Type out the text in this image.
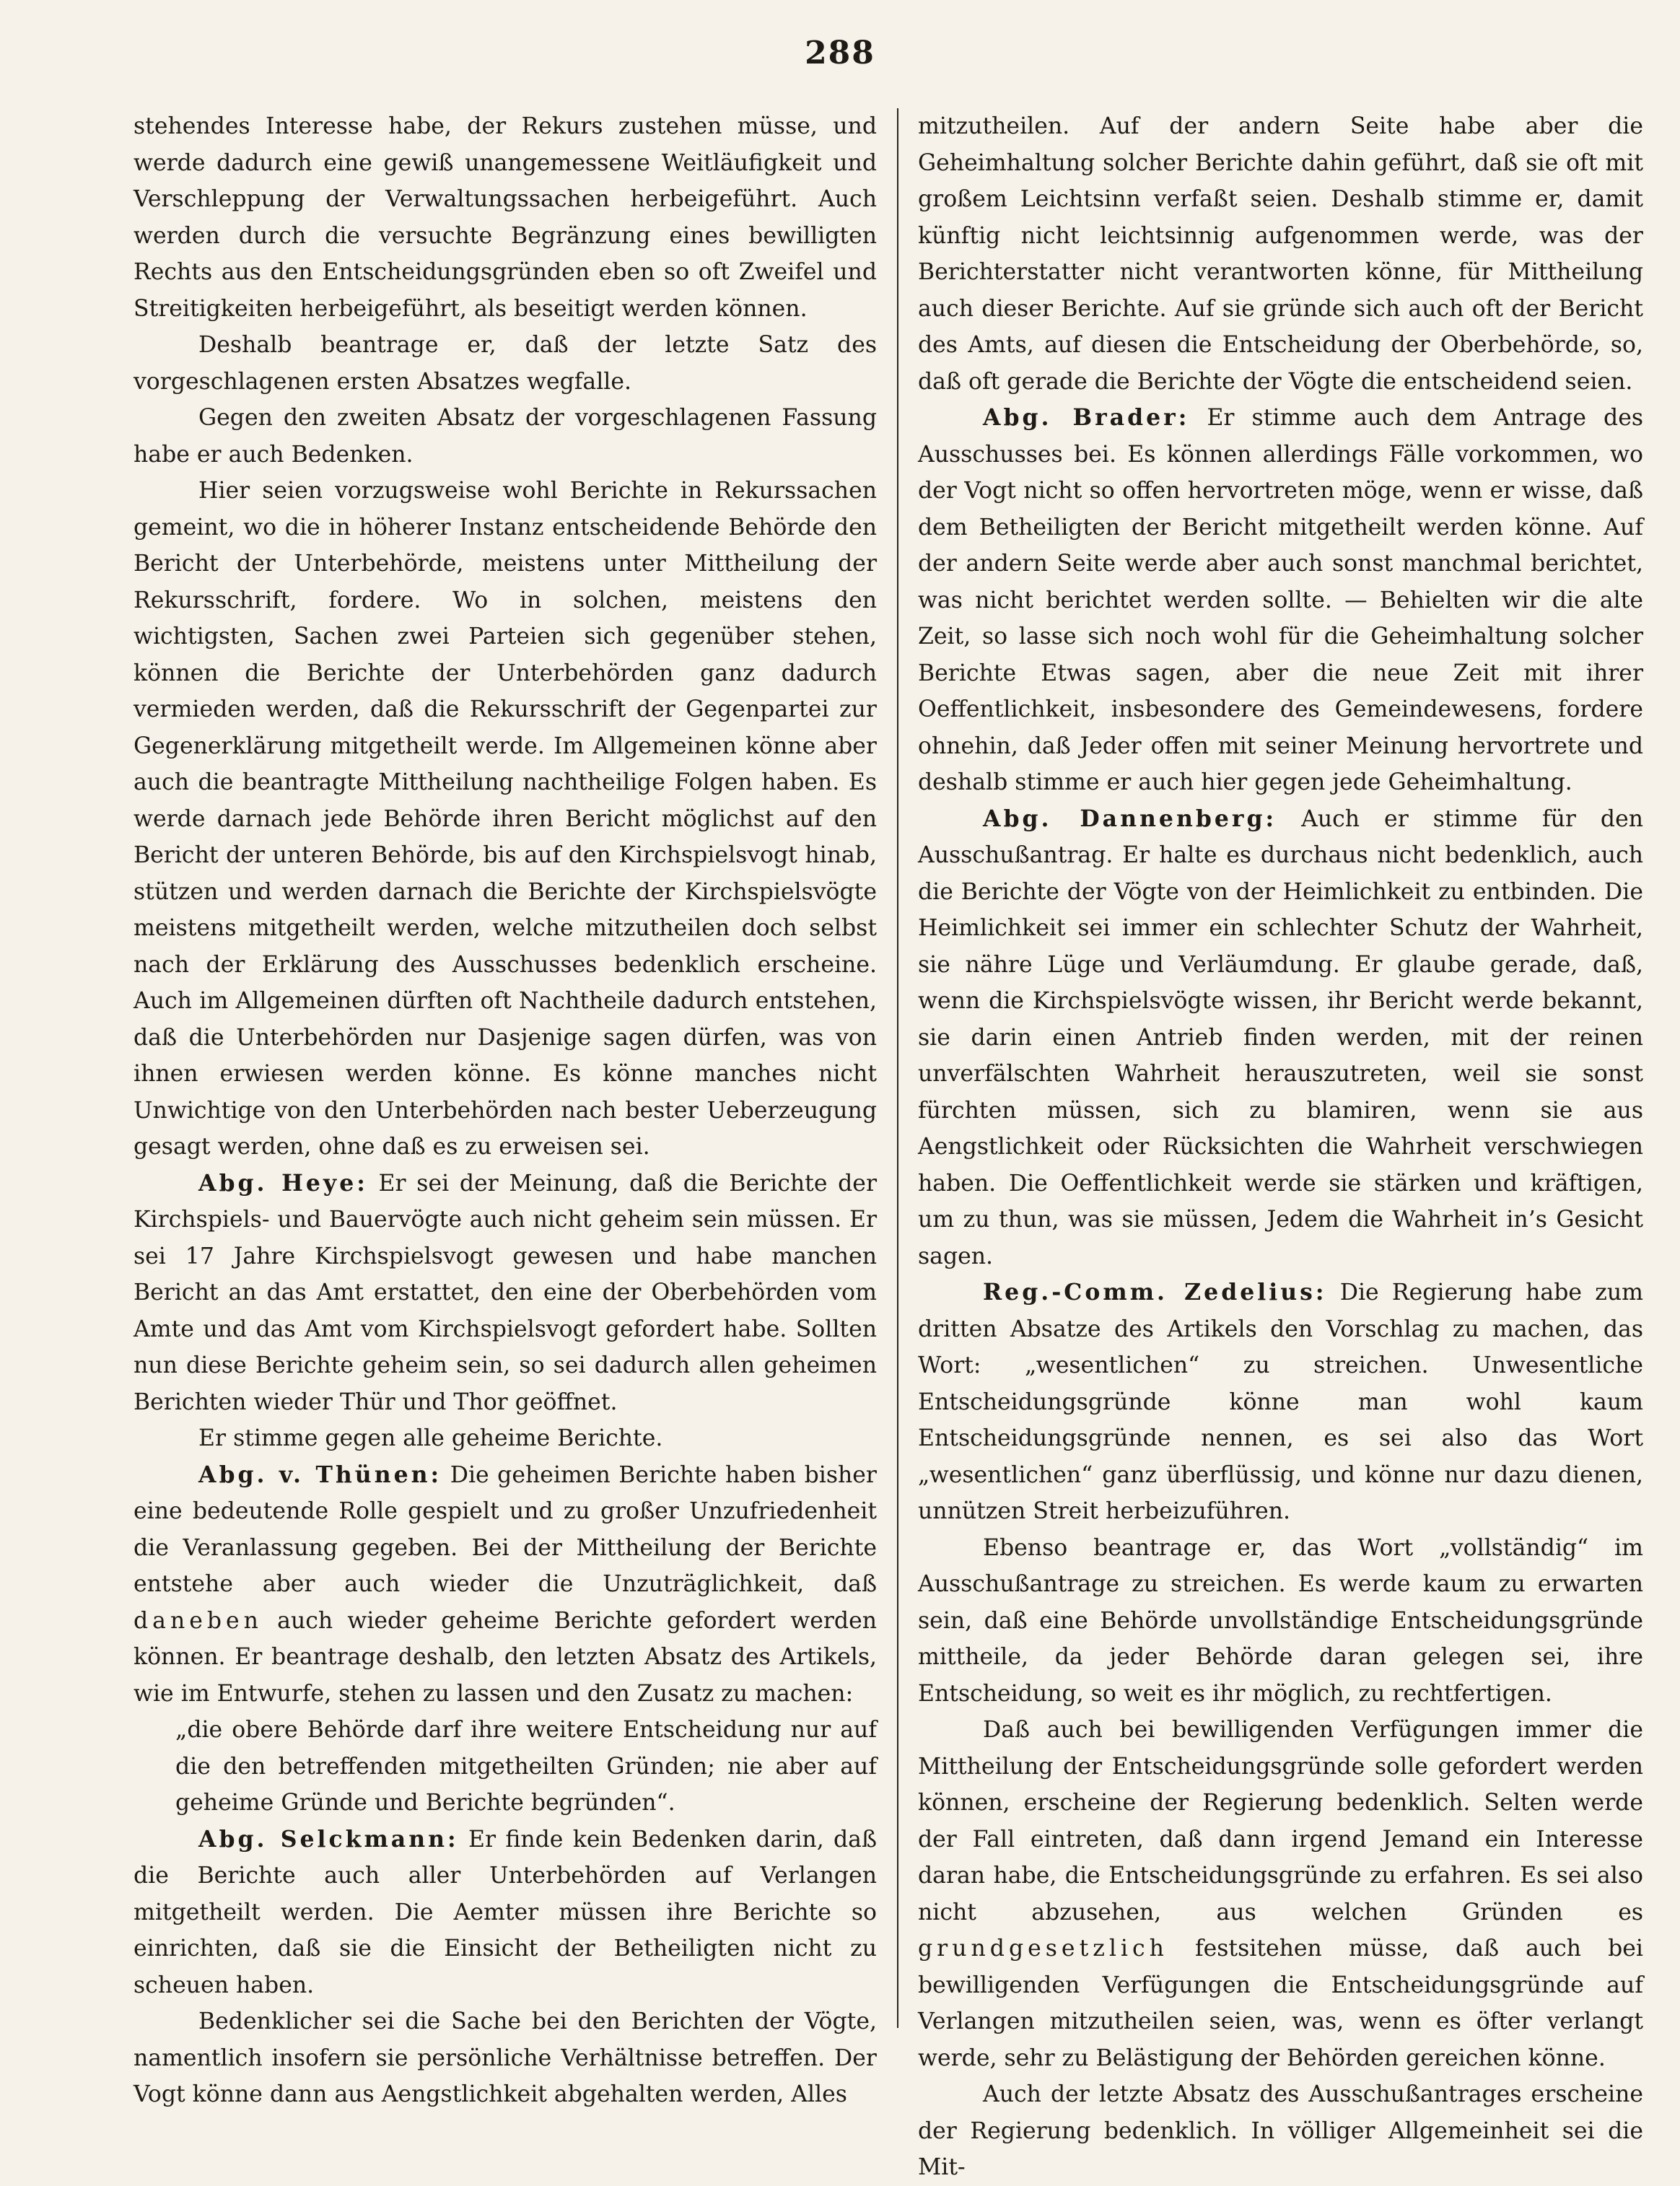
288

stehendes Interesse habe, der Rekurs zustehen müsse, und werde dadurch eine gewiß unangemessene Weitläufigkeit und Verschleppung der Verwaltungssachen herbeigeführt. Auch werden durch die versuchte Begränzung eines bewilligten Rechts aus den Entscheidungsgründen eben so oft Zweifel und Streitigkeiten herbeigeführt, als beseitigt werden können.

Deshalb beantrage er, daß der letzte Satz des vorgeschlagenen ersten Absatzes wegfalle.

Gegen den zweiten Absatz der vorgeschlagenen Fassung habe er auch Bedenken.

Hier seien vorzugsweise wohl Berichte in Rekurssachen gemeint, wo die in höherer Instanz entscheidende Behörde den Bericht der Unterbehörde, meistens unter Mittheilung der Rekursschrift, fordere. Wo in solchen, meistens den wichtigsten, Sachen zwei Parteien sich gegenüber stehen, können die Berichte der Unterbehörden ganz dadurch vermieden werden, daß die Rekursschrift der Gegenpartei zur Gegenerklärung mitgetheilt werde. Im Allgemeinen könne aber auch die beantragte Mittheilung nachtheilige Folgen haben. Es werde darnach jede Behörde ihren Bericht möglichst auf den Bericht der unteren Behörde, bis auf den Kirchspielsvogt hinab, stützen und werden darnach die Berichte der Kirchspielsvögte meistens mitgetheilt werden, welche mitzutheilen doch selbst nach der Erklärung des Ausschusses bedenklich erscheine. Auch im Allgemeinen dürften oft Nachtheile dadurch entstehen, daß die Unterbehörden nur Dasjenige sagen dürfen, was von ihnen erwiesen werden könne. Es könne manches nicht Unwichtige von den Unterbehörden nach bester Ueberzeugung gesagt werden, ohne daß es zu erweisen sei.

Abg. Heye: Er sei der Meinung, daß die Berichte der Kirchspiels- und Bauervögte auch nicht geheim sein müssen. Er sei 17 Jahre Kirchspielsvogt gewesen und habe manchen Bericht an das Amt erstattet, den eine der Oberbehörden vom Amte und das Amt vom Kirchspielsvogt gefordert habe. Sollten nun diese Berichte geheim sein, so sei dadurch allen geheimen Berichten wieder Thür und Thor geöffnet.

Er stimme gegen alle geheime Berichte.

Abg. v. Thünen: Die geheimen Berichte haben bisher eine bedeutende Rolle gespielt und zu großer Unzufriedenheit die Veranlassung gegeben. Bei der Mittheilung der Berichte entstehe aber auch wieder die Unzuträglichkeit, daß daneben auch wieder geheime Berichte gefordert werden können. Er beantrage deshalb, den letzten Absatz des Artikels, wie im Entwurfe, stehen zu lassen und den Zusatz zu machen:

„die obere Behörde darf ihre weitere Entscheidung nur auf die den betreffenden mitgetheilten Gründen; nie aber auf geheime Gründe und Berichte begründen“.

Abg. Selckmann: Er finde kein Bedenken darin, daß die Berichte auch aller Unterbehörden auf Verlangen mitgetheilt werden. Die Aemter müssen ihre Berichte so einrichten, daß sie die Einsicht der Betheiligten nicht zu scheuen haben.

Bedenklicher sei die Sache bei den Berichten der Vögte, namentlich insofern sie persönliche Verhältnisse betreffen. Der Vogt könne dann aus Aengstlichkeit abgehalten werden, Alles

mitzutheilen. Auf der andern Seite habe aber die Geheimhaltung solcher Berichte dahin geführt, daß sie oft mit großem Leichtsinn verfaßt seien. Deshalb stimme er, damit künftig nicht leichtsinnig aufgenommen werde, was der Berichterstatter nicht verantworten könne, für Mittheilung auch dieser Berichte. Auf sie gründe sich auch oft der Bericht des Amts, auf diesen die Entscheidung der Oberbehörde, so, daß oft gerade die Berichte der Vögte die entscheidend seien.

Abg. Brader: Er stimme auch dem Antrage des Ausschusses bei. Es können allerdings Fälle vorkommen, wo der Vogt nicht so offen hervortreten möge, wenn er wisse, daß dem Betheiligten der Bericht mitgetheilt werden könne. Auf der andern Seite werde aber auch sonst manchmal berichtet, was nicht berichtet werden sollte. — Behielten wir die alte Zeit, so lasse sich noch wohl für die Geheimhaltung solcher Berichte Etwas sagen, aber die neue Zeit mit ihrer Oeffentlichkeit, insbesondere des Gemeindewesens, fordere ohnehin, daß Jeder offen mit seiner Meinung hervortrete und deshalb stimme er auch hier gegen jede Geheimhaltung.

Abg. Dannenberg: Auch er stimme für den Ausschußantrag. Er halte es durchaus nicht bedenklich, auch die Berichte der Vögte von der Heimlichkeit zu entbinden. Die Heimlichkeit sei immer ein schlechter Schutz der Wahrheit, sie nähre Lüge und Verläumdung. Er glaube gerade, daß, wenn die Kirchspielsvögte wissen, ihr Bericht werde bekannt, sie darin einen Antrieb finden werden, mit der reinen unverfälschten Wahrheit herauszutreten, weil sie sonst fürchten müssen, sich zu blamiren, wenn sie aus Aengstlichkeit oder Rücksichten die Wahrheit verschwiegen haben. Die Oeffentlichkeit werde sie stärken und kräftigen, um zu thun, was sie müssen, Jedem die Wahrheit in’s Gesicht sagen.

Reg.-Comm. Zedelius: Die Regierung habe zum dritten Absatze des Artikels den Vorschlag zu machen, das Wort: „wesentlichen“ zu streichen. Unwesentliche Entscheidungsgründe könne man wohl kaum Entscheidungsgründe nennen, es sei also das Wort „wesentlichen“ ganz überflüssig, und könne nur dazu dienen, unnützen Streit herbeizuführen.

Ebenso beantrage er, das Wort „vollständig“ im Ausschußantrage zu streichen. Es werde kaum zu erwarten sein, daß eine Behörde unvollständige Entscheidungsgründe mittheile, da jeder Behörde daran gelegen sei, ihre Entscheidung, so weit es ihr möglich, zu rechtfertigen.

Daß auch bei bewilligenden Verfügungen immer die Mittheilung der Entscheidungsgründe solle gefordert werden können, erscheine der Regierung bedenklich. Selten werde der Fall eintreten, daß dann irgend Jemand ein Interesse daran habe, die Entscheidungsgründe zu erfahren. Es sei also nicht abzusehen, aus welchen Gründen es grundgesetzlich festsitehen müsse, daß auch bei bewilligenden Verfügungen die Entscheidungsgründe auf Verlangen mitzutheilen seien, was, wenn es öfter verlangt werde, sehr zu Belästigung der Behörden gereichen könne.

Auch der letzte Absatz des Ausschußantrages erscheine der Regierung bedenklich. In völliger Allgemeinheit sei die Mit-
